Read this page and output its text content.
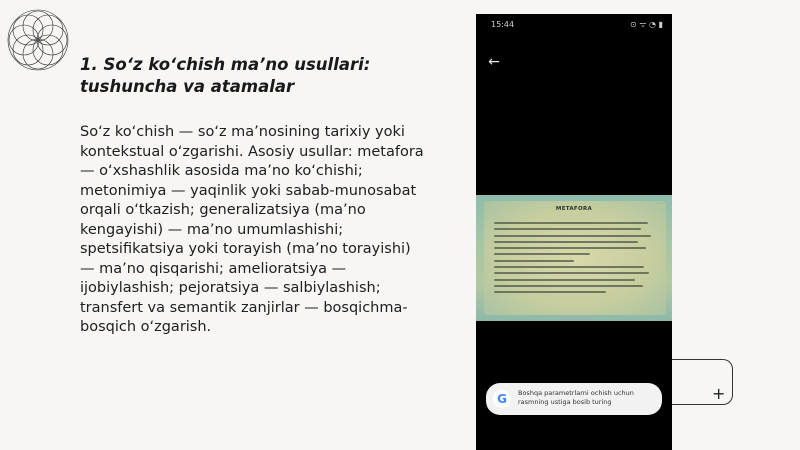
1. So‘z ko‘chish ma’no usullari: tushuncha va atamalar

So‘z ko‘chish — so‘z ma’nosining tarixiy yoki kontekstual o‘zgarishi. Asosiy usullar: metafora — o‘xshashlik asosida ma’no ko‘chishi; metonimiya — yaqinlik yoki sabab-munosabat orqali o‘tkazish; generalizatsiya (ma’no kengayishi) — ma’no umumlashishi; spetsifikatsiya yoki torayish (ma’no torayishi) — ma’no qisqarishi; amelioratsiya — ijobiylashish; pejoratsiya — salbiylashish; transfert va semantik zanjirlar — bosqichma-bosqich o‘zgarish.

+
15:44	⊙ ᯤ ◔ ▮
←
METAFORA
G	Boshqa parametrlarni ochish uchun rasmning ustiga bosib turing
